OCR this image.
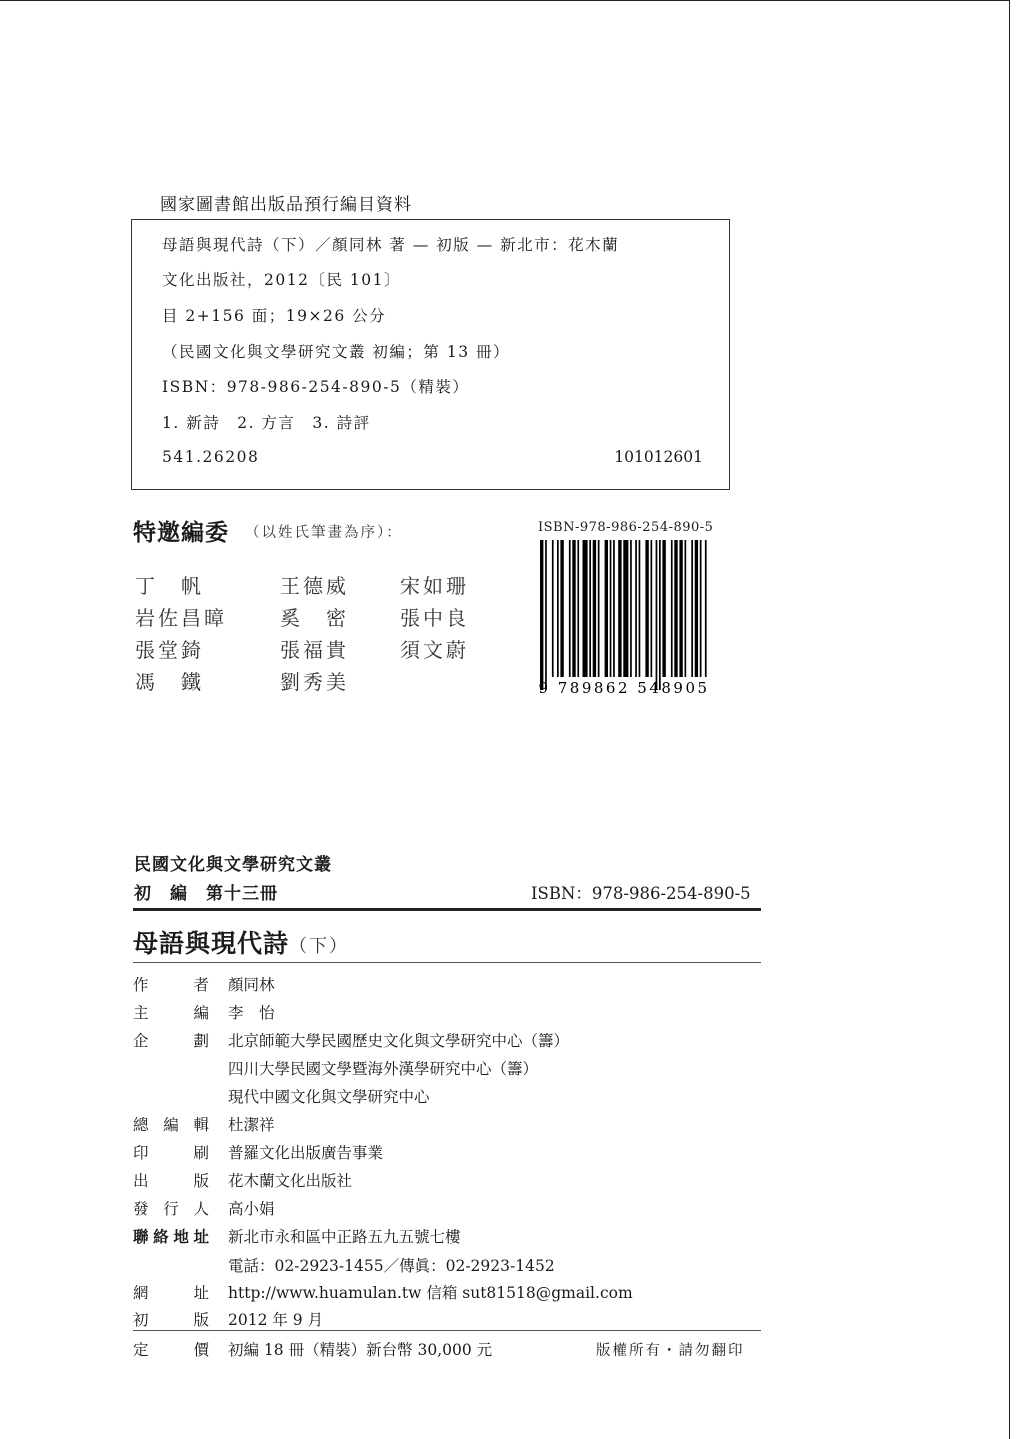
國家圖書館出版品預行編目資料
母語與現代詩（下）／顏同林 著 — 初版 — 新北市：花木蘭
文化出版社，2012〔民 101〕
目 2+156 面；19×26 公分
（民國文化與文學研究文叢 初編；第 13 冊）
ISBN：978-986-254-890-5（精裝）
1. 新詩　2. 方言　3. 詩評
541.26208	101012601
特邀編委 （以姓氏筆畫為序）：
丁　帆	王德威	宋如珊
岩佐昌暲	奚　密	張中良
張堂錡	張福貴	須文蔚
馮　鐵	劉秀美
ISBN-978-986-254-890-5
9 789862 548905
民國文化與文學研究文叢
初　編　第十三冊	ISBN：978-986-254-890-5
母語與現代詩（下）
作	者 顏同林
主	編 李　怡
企	劃 北京師範大學民國歷史文化與文學研究中心（籌）
四川大學民國文學暨海外漢學研究中心（籌）
現代中國文化與文學研究中心
總 編 輯 杜潔祥
印	刷 普羅文化出版廣告事業
出	版 花木蘭文化出版社
發 行 人 高小娟
聯 絡 地 址 新北市永和區中正路五九五號七樓
電話：02-2923-1455／傳眞：02-2923-1452
網	址 http://www.huamulan.tw 信箱 sut81518@gmail.com
初	版 2012 年 9 月
定	價 初編 18 冊（精裝）新台幣 30,000 元	版權所有・請勿翻印
